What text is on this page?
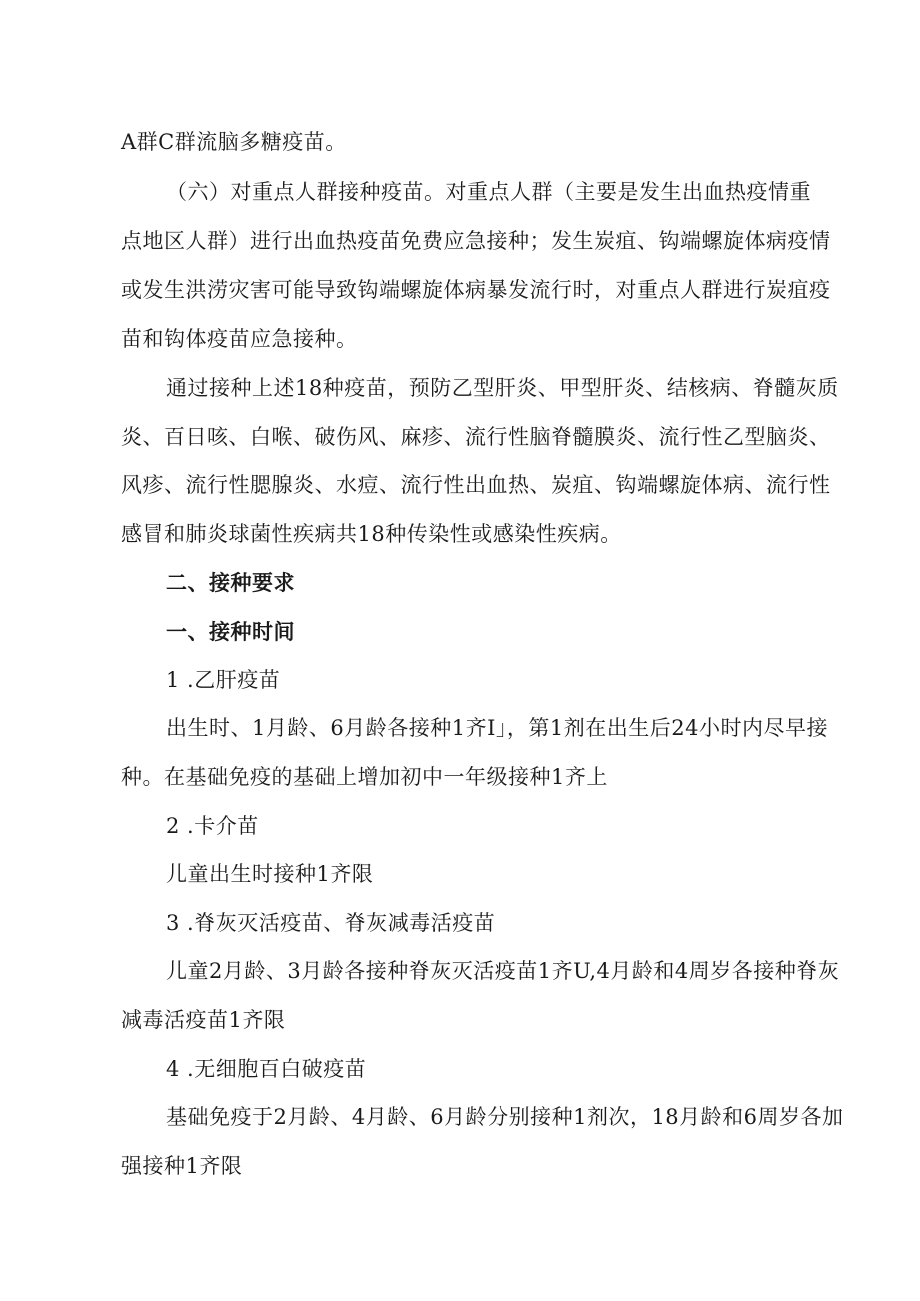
A群C群流脑多糖疫苗。
（六）对重点人群接种疫苗。对重点人群（主要是发生出血热疫情重
点地区人群）进行出血热疫苗免费应急接种；发生炭疽、钩端螺旋体病疫情
或发生洪涝灾害可能导致钩端螺旋体病暴发流行时，对重点人群进行炭疽疫
苗和钩体疫苗应急接种。
通过接种上述18种疫苗，预防乙型肝炎、甲型肝炎、结核病、脊髓灰质
炎、百日咳、白喉、破伤风、麻疹、流行性脑脊髓膜炎、流行性乙型脑炎、
风疹、流行性腮腺炎、水痘、流行性出血热、炭疽、钩端螺旋体病、流行性
感冒和肺炎球菌性疾病共18种传染性或感染性疾病。
二、接种要求
一、接种时间
1 .乙肝疫苗
出生时、1月龄、6月龄各接种1齐I」，第1剂在出生后24小时内尽早接
种。在基础免疫的基础上增加初中一年级接种1齐上
2 .卡介苗
儿童出生时接种1齐限
3 .脊灰灭活疫苗、脊灰减毒活疫苗
儿童2月龄、3月龄各接种脊灰灭活疫苗1齐U,4月龄和4周岁各接种脊灰
减毒活疫苗1齐限
4 .无细胞百白破疫苗
基础免疫于2月龄、4月龄、6月龄分别接种1剂次，18月龄和6周岁各加
强接种1齐限
